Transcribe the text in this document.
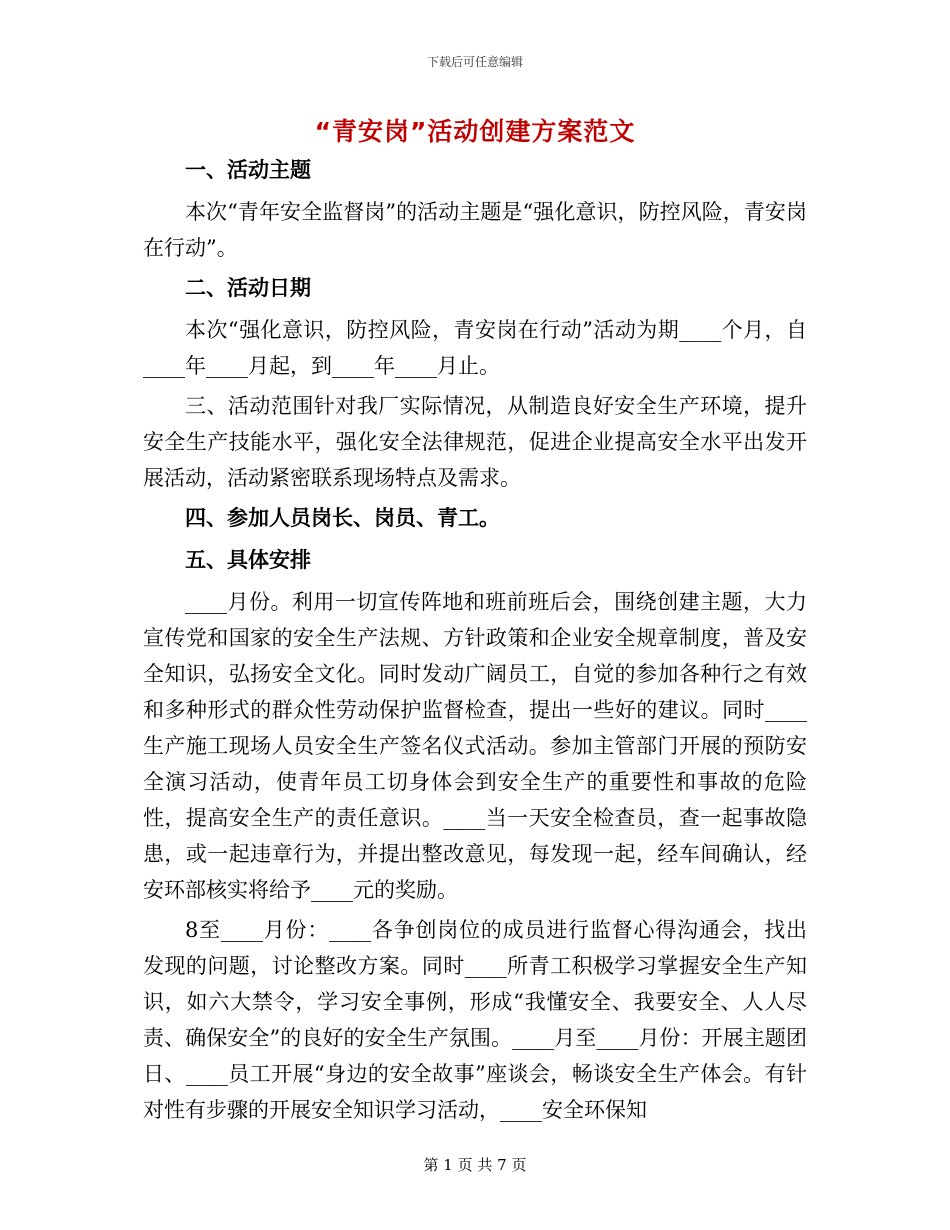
下载后可任意编辑
“青安岗”活动创建方案范文

一、活动主题

本次“青年安全监督岗”的活动主题是“强化意识，防控风险，青安岗在行动”。

二、活动日期

本次“强化意识，防控风险，青安岗在行动”活动为期____个月，自____年____月起，到____年____月止。

三、活动范围针对我厂实际情况，从制造良好安全生产环境，提升安全生产技能水平，强化安全法律规范，促进企业提高安全水平出发开展活动，活动紧密联系现场特点及需求。

四、参加人员岗长、岗员、青工。

五、具体安排

____月份。利用一切宣传阵地和班前班后会，围绕创建主题，大力宣传党和国家的安全生产法规、方针政策和企业安全规章制度，普及安全知识，弘扬安全文化。同时发动广阔员工，自觉的参加各种行之有效和多种形式的群众性劳动保护监督检查，提出一些好的建议。同时____生产施工现场人员安全生产签名仪式活动。参加主管部门开展的预防安全演习活动，使青年员工切身体会到安全生产的重要性和事故的危险性，提高安全生产的责任意识。____当一天安全检查员，查一起事故隐患，或一起违章行为，并提出整改意见，每发现一起，经车间确认，经安环部核实将给予____元的奖励。

8至____月份：____各争创岗位的成员进行监督心得沟通会，找出发现的问题，讨论整改方案。同时____所青工积极学习掌握安全生产知识，如六大禁令，学习安全事例，形成“我懂安全、我要安全、人人尽责、确保安全”的良好的安全生产氛围。____月至____月份：开展主题团日、____员工开展“身边的安全故事”座谈会，畅谈安全生产体会。有针对性有步骤的开展安全知识学习活动，____安全环保知

第 1 页 共 7 页
